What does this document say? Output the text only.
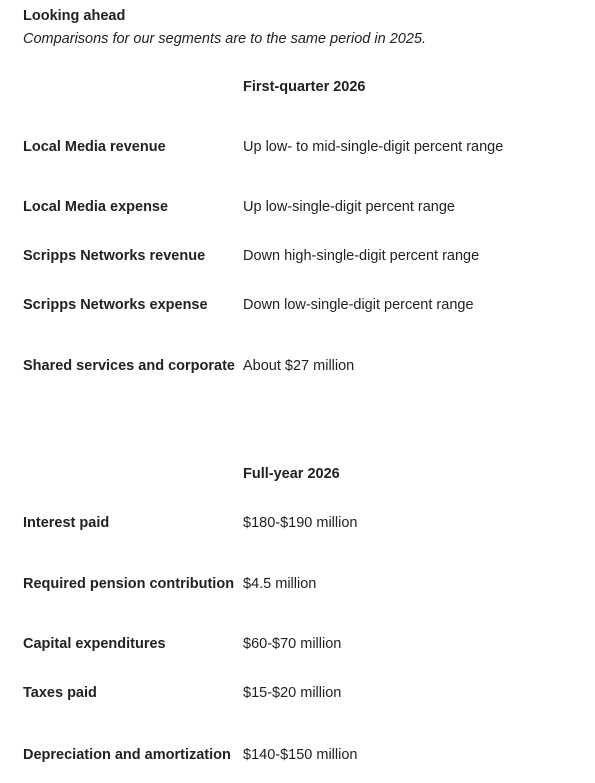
Looking ahead

Comparisons for our segments are to the same period in 2025.

First-quarter 2026
Local Media revenue	Up low- to mid-single-digit percent range
Local Media expense	Up low-single-digit percent range
Scripps Networks revenue	Down high-single-digit percent range
Scripps Networks expense	Down low-single-digit percent range
Shared services and corporate About $27 million
Full-year 2026
Interest paid	$180-$190 million
Required pension contribution $4.5 million
Capital expenditures	$60-$70 million
Taxes paid	$15-$20 million
Depreciation and amortization $140-$150 million
